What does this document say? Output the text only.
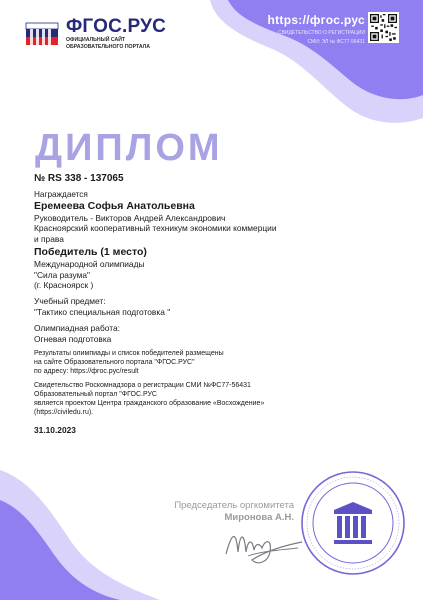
ФГОС.РУС
ОФИЦИАЛЬНЫЙ САЙТ
ОБРАЗОВАТЕЛЬНОГО ПОРТАЛА
https://фгос.рус
СВИДЕТЕЛЬСТВО О РЕГИСТРАЦИИ
СМИ: ЭЛ № ФС77-56431
ДИПЛОМ
№ RS 338 - 137065
Награждается
Еремеева Софья Анатольевна
Руководитель - Викторов Андрей Александрович
Красноярский кооперативный техникум экономики коммерции
и права
Победитель (1 место)
Международной олимпиады
"Сила разума"
(г. Красноярск )
Учебный предмет:
"Тактико специальная подготовка "
Олимпиадная работа:
Огневая подготовка
Результаты олимпиады и список победителей размещены
на сайте Образовательного портала "ФГОС.РУС"
по адресу: https://фгос.рус/result
Свидетельство Роскомнадзора о регистрации СМИ №ФС77-56431
Образовательный портал "ФГОС.РУС
является проектом Центра гражданского образование «Восхождение»
(https://civiledu.ru).
31.10.2023
Председатель оргкомитета
Миронова А.Н.
